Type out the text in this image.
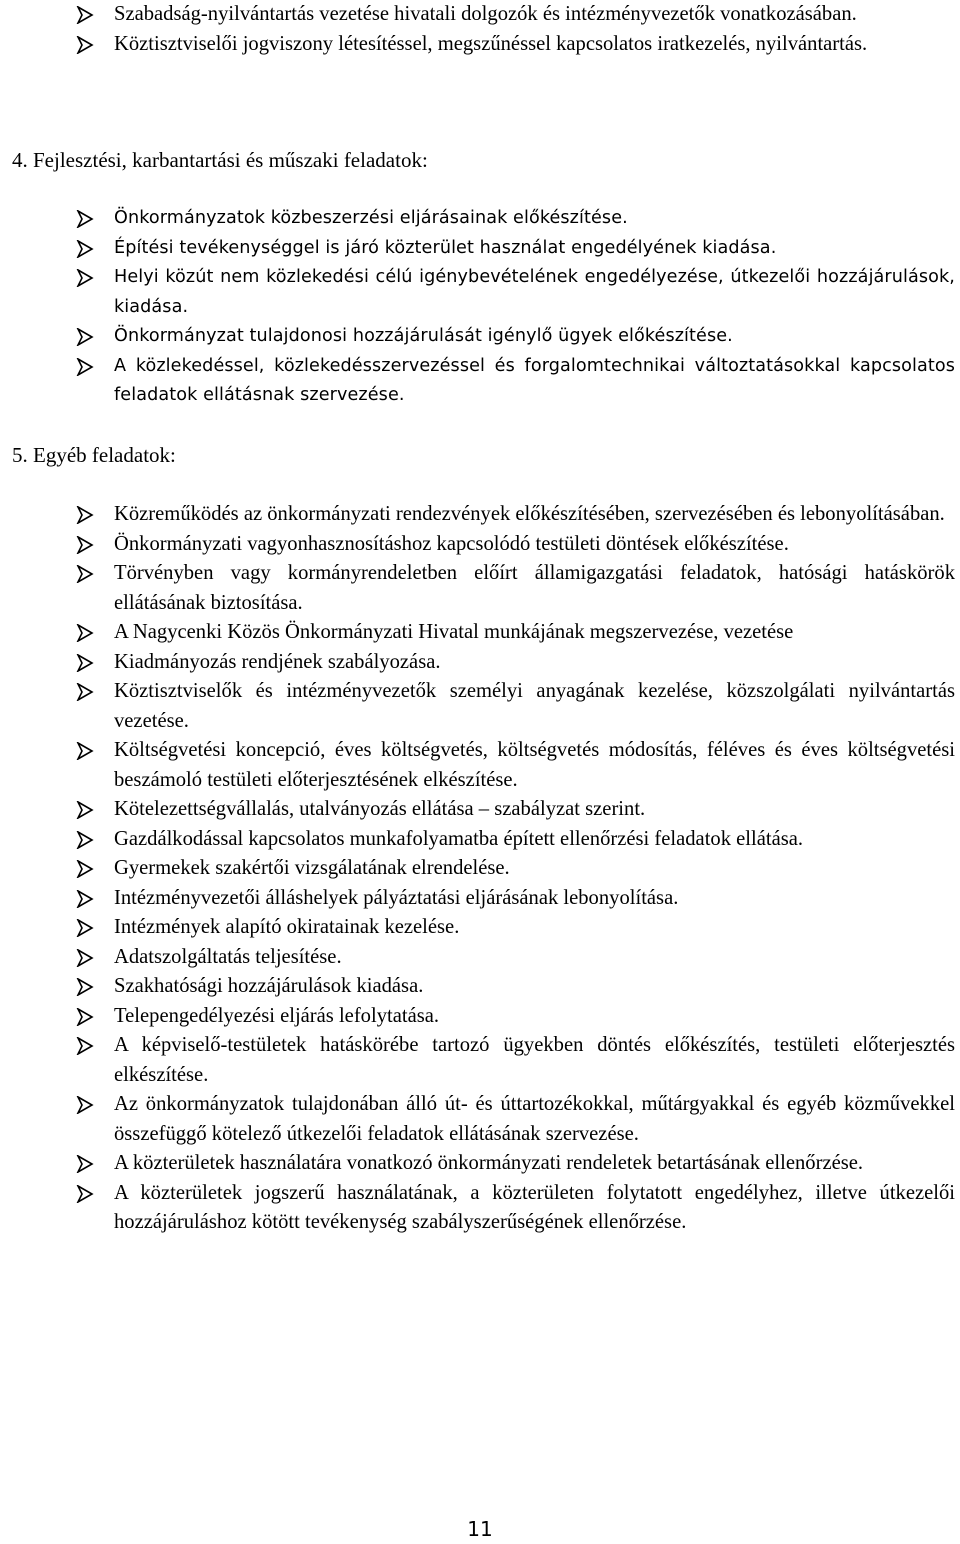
Szabadság-nyilvántartás vezetése hivatali dolgozók és intézményvezetők vonatkozásában.
Köztisztviselői jogviszony létesítéssel, megszűnéssel kapcsolatos iratkezelés, nyilvántartás.
4. Fejlesztési, karbantartási és műszaki feladatok:
Önkormányzatok közbeszerzési eljárásainak előkészítése.
Építési tevékenységgel is járó közterület használat engedélyének kiadása.
Helyi közút nem közlekedési célú igénybevételének engedélyezése, útkezelői hozzájárulások, kiadása.
Önkormányzat tulajdonosi hozzájárulását igénylő ügyek előkészítése.
A közlekedéssel, közlekedésszervezéssel és forgalomtechnikai változtatásokkal kapcsolatos feladatok ellátásnak szervezése.
5. Egyéb feladatok:
Közreműködés az önkormányzati rendezvények előkészítésében, szervezésében és lebonyolításában.
Önkormányzati vagyonhasznosításhoz kapcsolódó testületi döntések előkészítése.
Törvényben vagy kormányrendeletben előírt államigazgatási feladatok, hatósági hatáskörök ellátásának biztosítása.
A Nagycenki Közös Önkormányzati Hivatal munkájának megszervezése, vezetése
Kiadmányozás rendjének szabályozása.
Köztisztviselők és intézményvezetők személyi anyagának kezelése, közszolgálati nyilvántartás vezetése.
Költségvetési koncepció, éves költségvetés, költségvetés módosítás, féléves és éves költségvetési beszámoló testületi előterjesztésének elkészítése.
Kötelezettségvállalás, utalványozás ellátása – szabályzat szerint.
Gazdálkodással kapcsolatos munkafolyamatba épített ellenőrzési feladatok ellátása.
Gyermekek szakértői vizsgálatának elrendelése.
Intézményvezetői álláshelyek pályáztatási eljárásának lebonyolítása.
Intézmények alapító okiratainak kezelése.
Adatszolgáltatás teljesítése.
Szakhatósági hozzájárulások kiadása.
Telepengedélyezési eljárás lefolytatása.
A képviselő-testületek hatáskörébe tartozó ügyekben döntés előkészítés, testületi előterjesztés elkészítése.
Az önkormányzatok tulajdonában álló út- és úttartozékokkal, műtárgyakkal és egyéb közművekkel összefüggő kötelező útkezelői feladatok ellátásának szervezése.
A közterületek használatára vonatkozó önkormányzati rendeletek betartásának ellenőrzése.
A közterületek jogszerű használatának, a közterületen folytatott engedélyhez, illetve útkezelői hozzájáruláshoz kötött tevékenység szabályszerűségének ellenőrzése.
11
